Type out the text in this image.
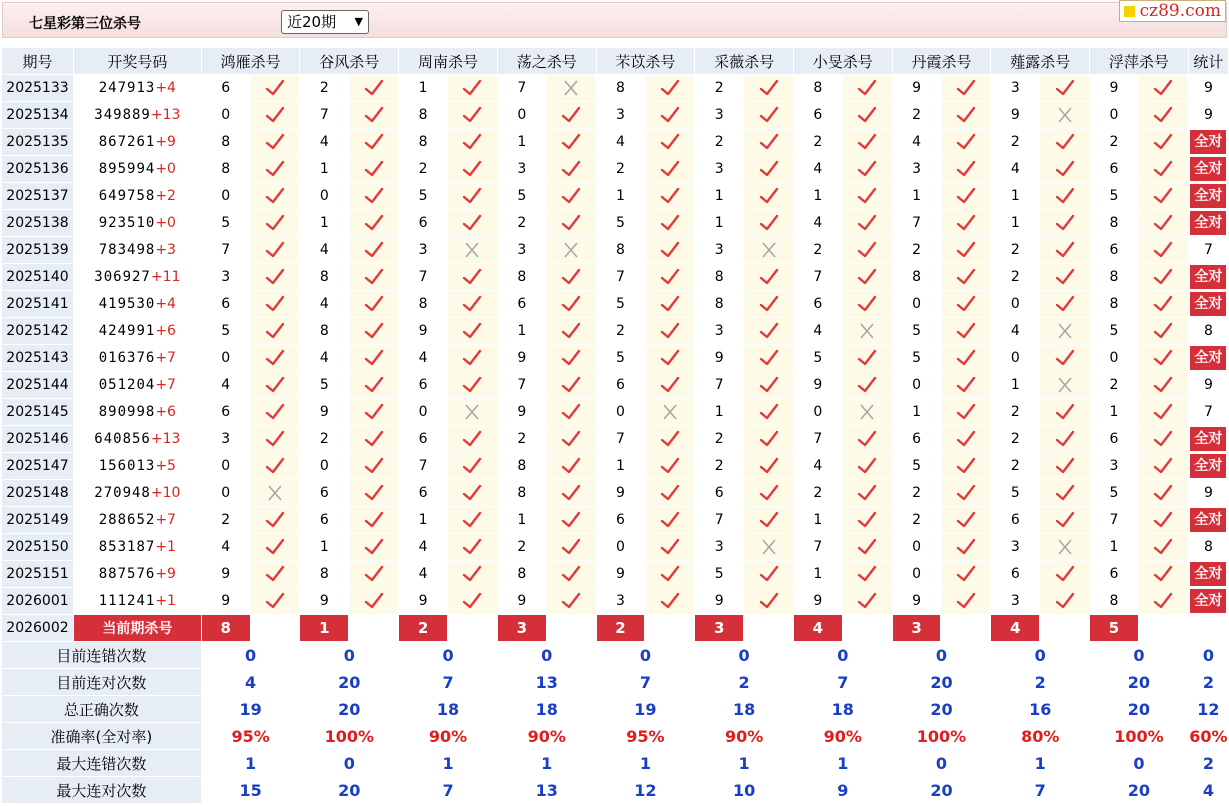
七星彩第三位杀号	近20期 ▼
cz89.com
期号	开奖号码	鸿雁杀号		谷风杀号		周南杀号		荡之杀号		芣苡杀号		采薇杀号		小旻杀号		丹霞杀号		薤露杀号		浮萍杀号		统计
2025133	247913+4	6		2		1		7		8		2		8		9		3		9		9
2025134	349889+13	0		7		8		0		3		3		6		2		9		0		9
2025135	867261+9	8		4		8		1		4		2		2		4		2		2		全对
2025136	895994+0	8		1		2		3		2		3		4		3		4		6		全对
2025137	649758+2	0		0		5		5		1		1		1		1		1		5		全对
2025138	923510+0	5		1		6		2		5		1		4		7		1		8		全对
2025139	783498+3	7		4		3		3		8		3		2		2		2		6		7
2025140	306927+11	3		8		7		8		7		8		7		8		2		8		全对
2025141	419530+4	6		4		8		6		5		8		6		0		0		8		全对
2025142	424991+6	5		8		9		1		2		3		4		5		4		5		8
2025143	016376+7	0		4		4		9		5		9		5		5		0		0		全对
2025144	051204+7	4		5		6		7		6		7		9		0		1		2		9
2025145	890998+6	6		9		0		9		0		1		0		1		2		1		7
2025146	640856+13	3		2		6		2		7		2		7		6		2		6		全对
2025147	156013+5	0		0		7		8		1		2		4		5		2		3		全对
2025148	270948+10	0		6		6		8		9		6		2		2		5		5		9
2025149	288652+7	2		6		1		1		6		7		1		2		6		7		全对
2025150	853187+1	4		1		4		2		0		3		7		0		3		1		8
2025151	887576+9	9		8		4		8		9		5		1		0		6		6		全对
2026001	111241+1	9		9		9		9		3		9		9		9		3		8		全对
2026002	当前期杀号	8		1		2		3		2		3		4		3		4		5		
目前连错次数		0		0		0		0		0		0		0		0		0		0		0
目前连对次数		4		20		7		13		7		2		7		20		2		20		2
总正确次数		19		20		18		18		19		18		18		20		16		20		12
准确率(全对率)		95%		100%		90%		90%		95%		90%		90%		100%		80%		100%		60%
最大连错次数		1		0		1		1		1		1		1		0		1		0		2
最大连对次数		15		20		7		13		12		10		9		20		7		20		4
